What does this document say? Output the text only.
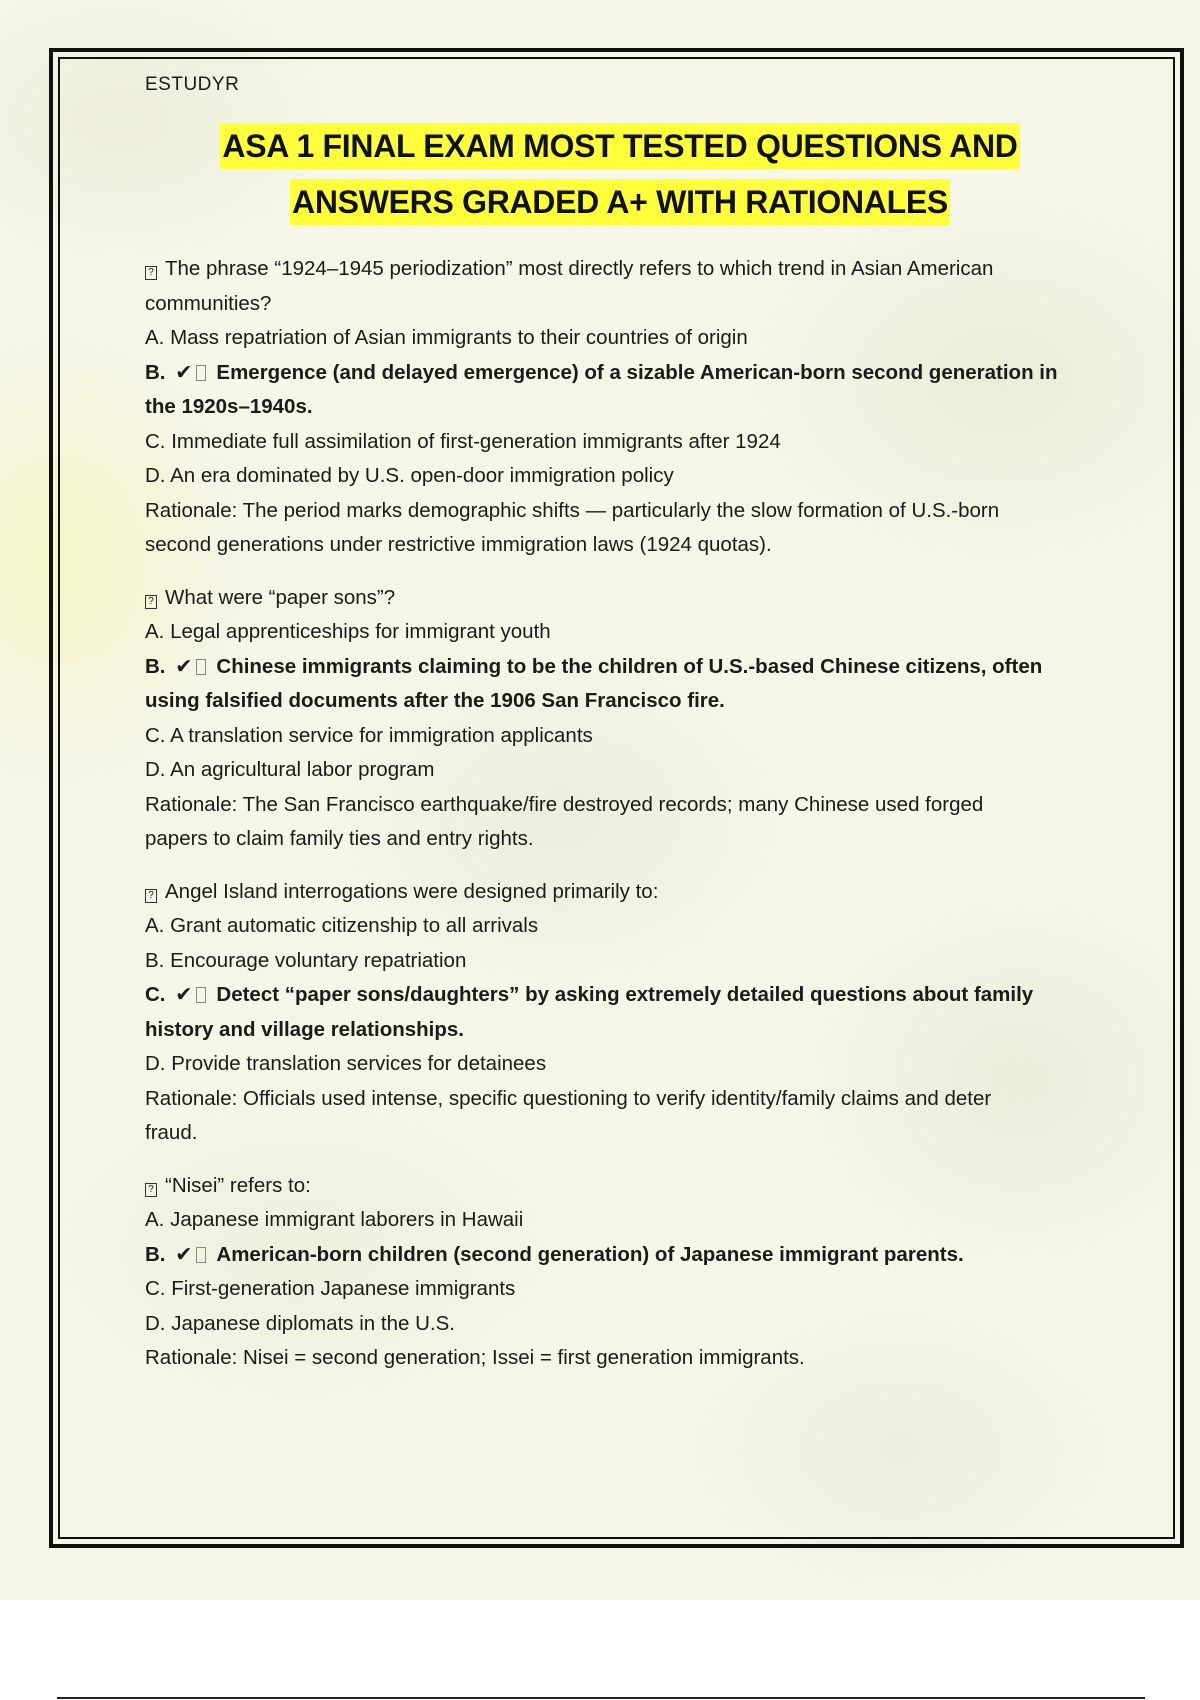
ESTUDYR
ASA 1 FINAL EXAM MOST TESTED QUESTIONS AND
ANSWERS GRADED A+ WITH RATIONALES
? The phrase “1924–1945 periodization” most directly refers to which trend in Asian American
communities?
A. Mass repatriation of Asian immigrants to their countries of origin
B. ✔ Emergence (and delayed emergence) of a sizable American-born second generation in
the 1920s–1940s.
C. Immediate full assimilation of first-generation immigrants after 1924
D. An era dominated by U.S. open-door immigration policy
Rationale: The period marks demographic shifts — particularly the slow formation of U.S.-born
second generations under restrictive immigration laws (1924 quotas).
? What were “paper sons”?
A. Legal apprenticeships for immigrant youth
B. ✔ Chinese immigrants claiming to be the children of U.S.-based Chinese citizens, often
using falsified documents after the 1906 San Francisco fire.
C. A translation service for immigration applicants
D. An agricultural labor program
Rationale: The San Francisco earthquake/fire destroyed records; many Chinese used forged
papers to claim family ties and entry rights.
? Angel Island interrogations were designed primarily to:
A. Grant automatic citizenship to all arrivals
B. Encourage voluntary repatriation
C. ✔ Detect “paper sons/daughters” by asking extremely detailed questions about family
history and village relationships.
D. Provide translation services for detainees
Rationale: Officials used intense, specific questioning to verify identity/family claims and deter
fraud.
? “Nisei” refers to:
A. Japanese immigrant laborers in Hawaii
B. ✔ American-born children (second generation) of Japanese immigrant parents.
C. First-generation Japanese immigrants
D. Japanese diplomats in the U.S.
Rationale: Nisei = second generation; Issei = first generation immigrants.
